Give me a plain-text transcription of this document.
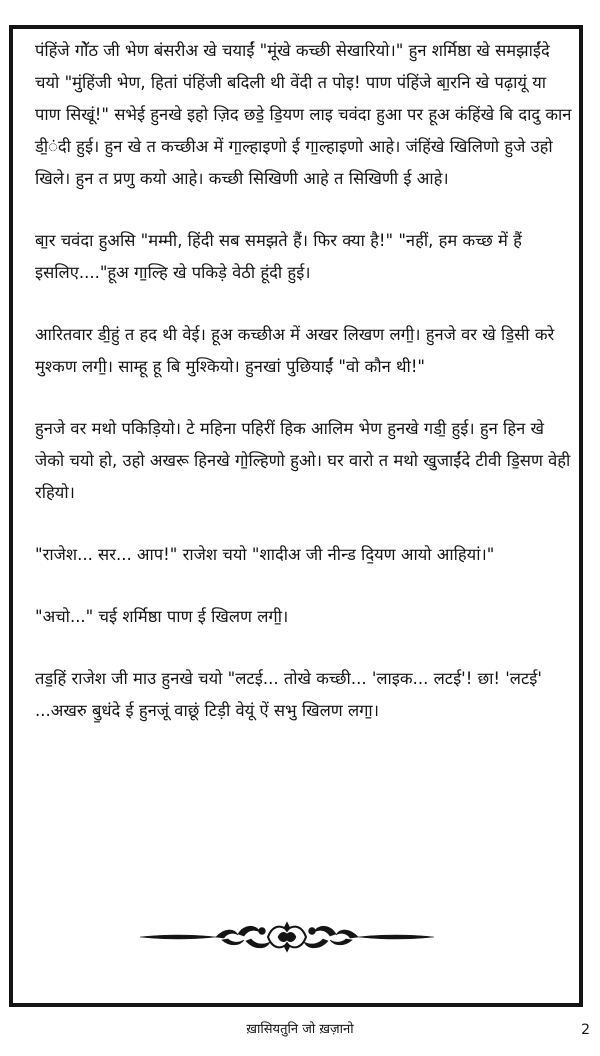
पंहिंजे गोॅठ जी भेण बंसरीअ खे चयाईं "मूंखे कच्छी सेखारियो।" हुन शर्मिष्ठा खे समझाईंदे चयो "मुंहिंजी भेण, हितां पंहिंजी बदिली थी वेंदी त पोइ! पाण पंहिंजे बा॒रनि खे पढ़ायूं या पाण सिखूं!" सभेई हुनखे इहो ज़िद छडे॒ डि॒यण लाइ चवंदा हुआ पर हूअ कंहिंखे बि दादु कान डी॒ंदी हुई। हुन खे त कच्छीअ में गा॒ल्हाइणो ई गा॒ल्हाइणो आहे। जंहिंखे खिलिणो हुजे उहो खिले। हुन त प्रणु कयो आहे। कच्छी सिखिणी आहे त सिखिणी ई आहे।

बा॒र चवंदा हुअसि "मम्मी, हिंदी सब समझते हैं। फिर क्या है!" "नहीं, हम कच्छ में हैं इसलिए...."हूअ गा॒ल्हि खे पकिड़े वेठी हूंदी हुई।

आरितवार डी॒हुं त हद थी वेई। हूअ कच्छीअ में अखर लिखण लगी॒। हुनजे वर खे डि॒सी करे मुश्कण लगी॒। साम्हू हू बि मुश्कियो। हुनखां पुछियाईं "वो कौन थी!"

हुनजे वर मथो पकिड़ियो। टे महिना पहिरीं हिक आलिम भेण हुनखे गडी॒ हुई। हुन हिन खे जेको चयो हो, उहो अखरू हिनखे गो॒ल्हिणो हुओ। घर वारो त मथो खुजाईंदे टीवी डि॒सण वेही रहियो।

"राजेश... सर... आप!" राजेश चयो "शादीअ जी नीन्ड दि॒यण आयो आहियां।"

"अचो..." चई शर्मिष्ठा पाण ई खिलण लगी॒।

तड॒हिं राजेश जी माउ हुनखे चयो "लटई... तोखे कच्छी... 'लाइक... लटई'! छा! 'लटई' ...अखरु बु॒धंदे ई हुनजूं वाछूं टिड़ी वेयूं ऐं सभु खिलण लगा॒।

ख़ासियतुनि जो ख़ज़ानो	2
